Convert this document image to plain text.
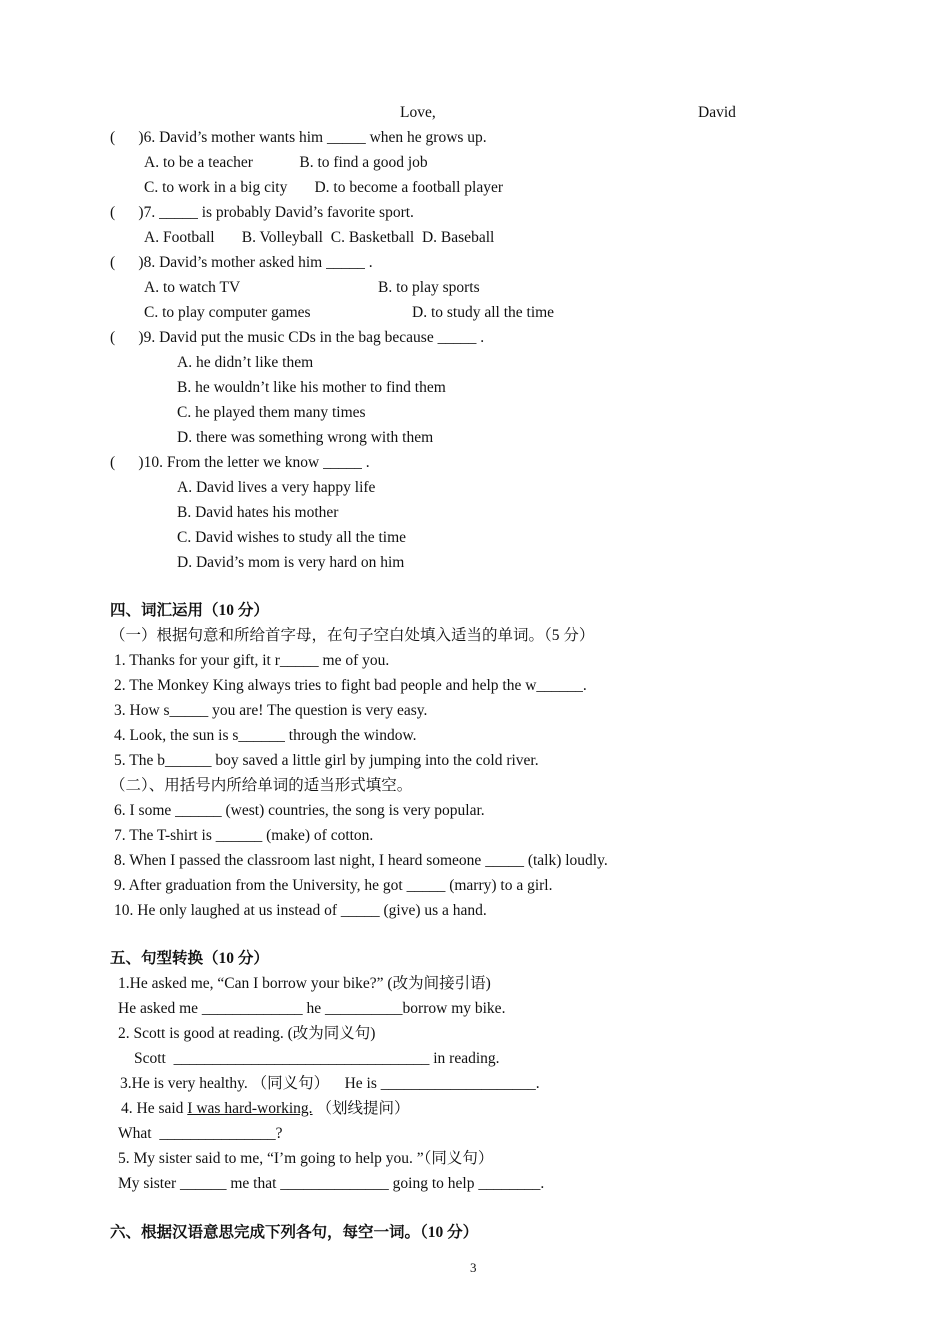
Love,	David
(      )6. David’s mother wants him _____ when he grows up.
A. to be a teacher            B. to find a good job
C. to work in a big city       D. to become a football player
(      )7. _____ is probably David’s favorite sport.
A. Football       B. Volleyball  C. Basketball  D. Baseball
(      )8. David’s mother asked him _____ .
A. to watch TV	B. to play sports
C. to play computer games	D. to study all the time
(      )9. David put the music CDs in the bag because _____ .
A. he didn’t like them
B. he wouldn’t like his mother to find them
C. he played them many times
D. there was something wrong with them
(      )10. From the letter we know _____ .
A. David lives a very happy life
B. David hates his mother
C. David wishes to study all the time
D. David’s mom is very hard on him
四、词汇运用（10 分）
（一）根据句意和所给首字母，在句子空白处填入适当的单词。（5 分）
1. Thanks for your gift, it r_____ me of you.
2. The Monkey King always tries to fight bad people and help the w______.
3. How s_____ you are! The question is very easy.
4. Look, the sun is s______ through the window.
5. The b______ boy saved a little girl by jumping into the cold river.
（二）、用括号内所给单词的适当形式填空。
6. I some ______ (west) countries, the song is very popular.
7. The T-shirt is ______ (make) of cotton.
8. When I passed the classroom last night, I heard someone _____ (talk) loudly.
9. After graduation from the University, he got _____ (marry) to a girl.
10. He only laughed at us instead of _____ (give) us a hand.
五、句型转换（10 分）
1.He asked me, “Can I borrow your bike?” (改为间接引语)
He asked me _____________ he __________borrow my bike.
2. Scott is good at reading. (改为同义句)
Scott  _________________________________ in reading.
3.He is very healthy. （同义句）    He is ____________________.
4. He said I was hard-working. （划线提问）
What  _______________?
5. My sister said to me, “I’m going to help you. ”（同义句）
My sister ______ me that ______________ going to help ________.
六、根据汉语意思完成下列各句，每空一词。（10 分）
3
